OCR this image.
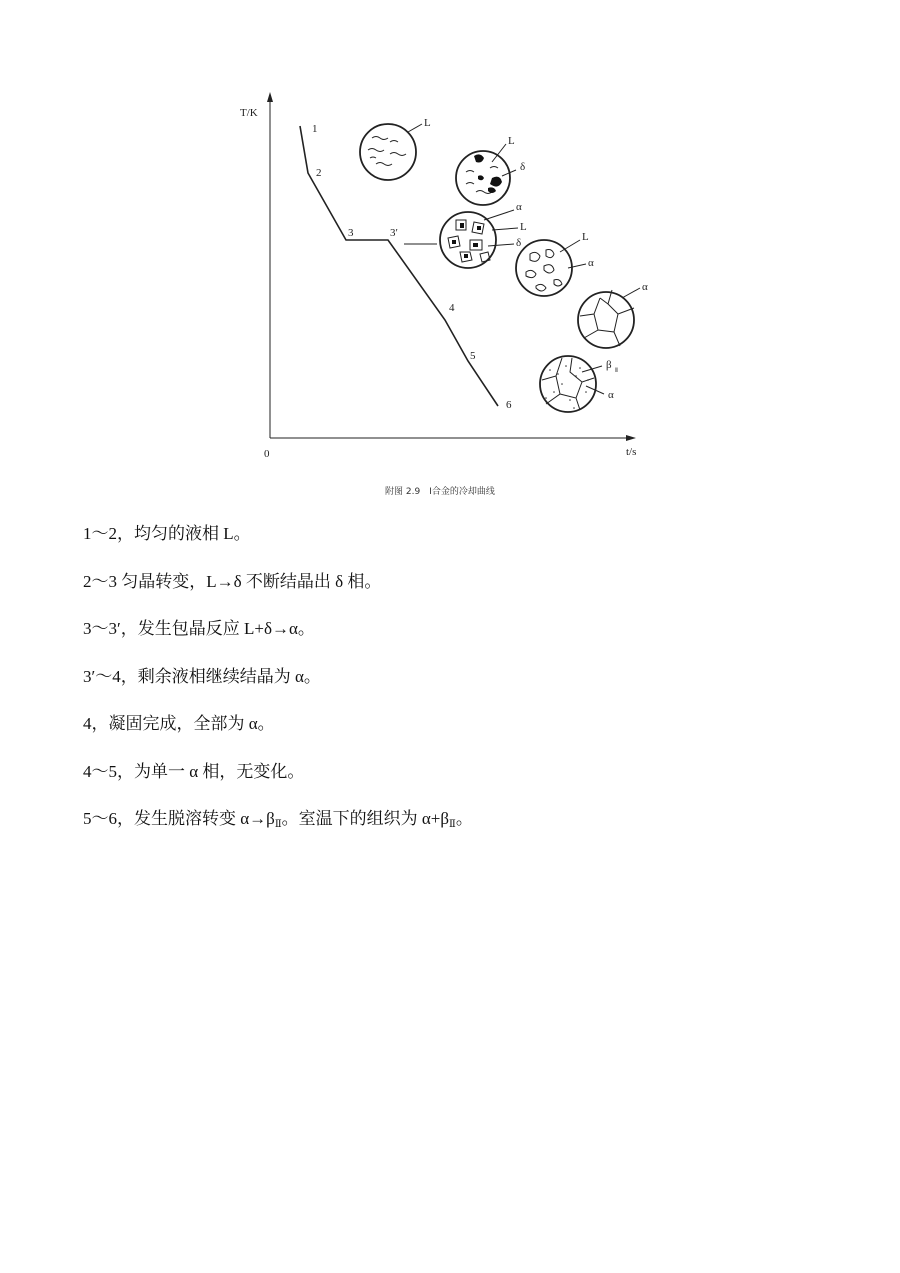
T/K
t/s
0
1
2
3	3′
4
5
6
L
L
δ
α
L
δ	L
α
α
β Ⅱ
α
附图 2.9　Ⅰ合金的冷却曲线
1～2，均匀的液相 L。
2～3 匀晶转变，L→δ 不断结晶出 δ 相。
3～3′，发生包晶反应 L+δ→α。
3′～4，剩余液相继续结晶为 α。
4，凝固完成，全部为 α。
4～5，为单一 α 相，无变化。
5～6，发生脱溶转变 $\alpha\to\beta_Ⅱ$。室温下的组织为 $\alpha+\beta_Ⅱ$。
